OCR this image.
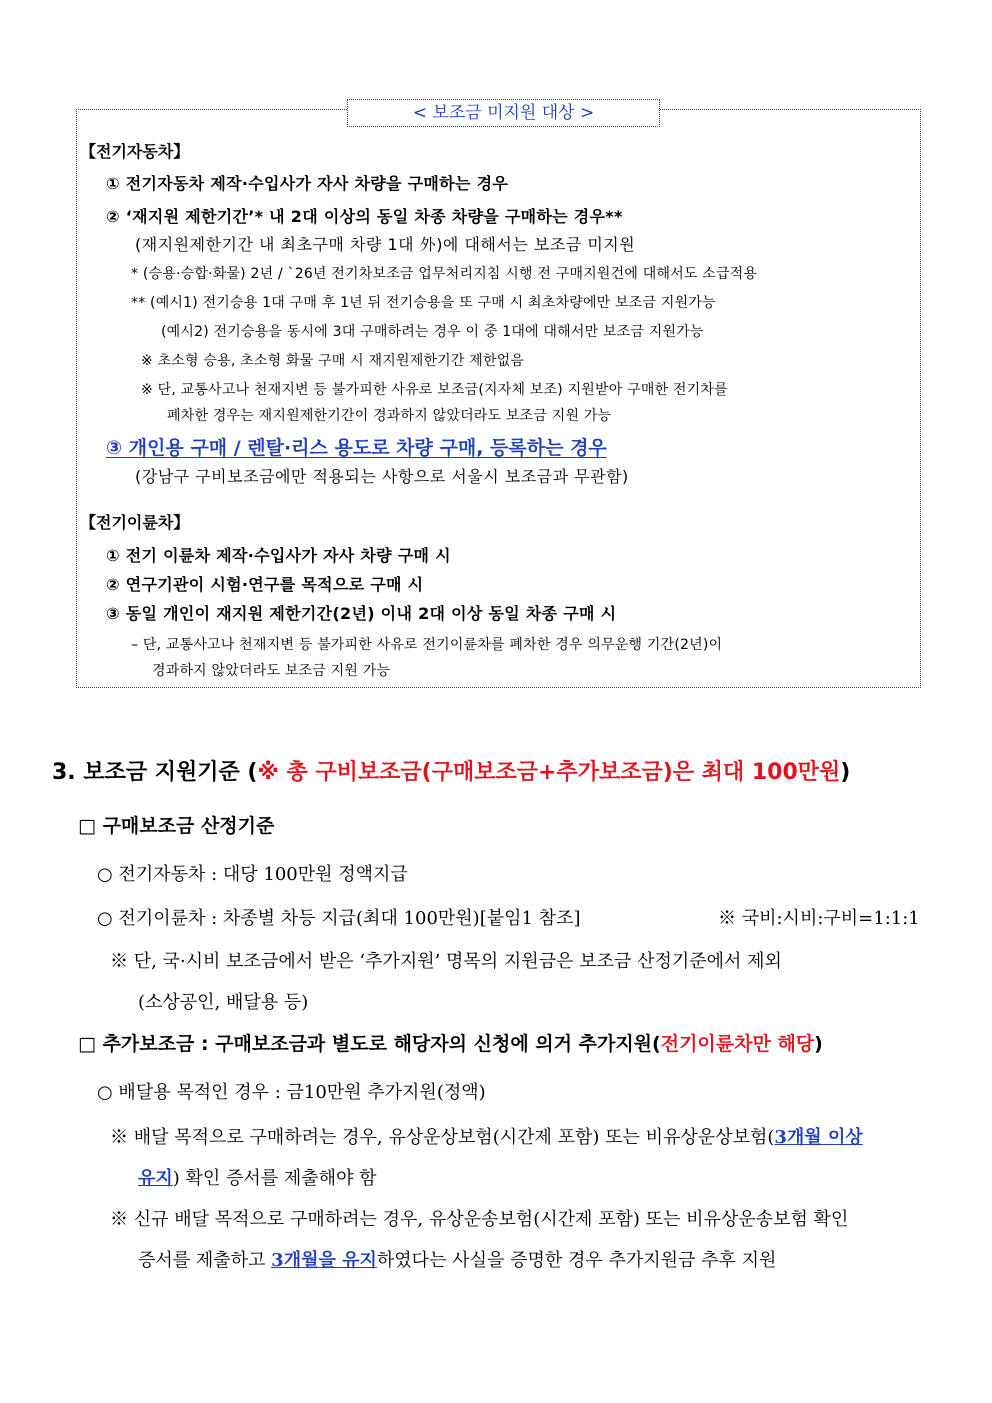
< 보조금 미지원 대상 >
【전기자동차】
① 전기자동차 제작·수입사가 자사 차량을 구매하는 경우
② ‘재지원 제한기간’* 내 2대 이상의 동일 차종 차량을 구매하는 경우**
(재지원제한기간 내 최초구매 차량 1대 外)에 대해서는 보조금 미지원
* (승용·승합·화물) 2년 / `26년 전기차보조금 업무처리지침 시행 전 구매지원건에 대해서도 소급적용
** (예시1) 전기승용 1대 구매 후 1년 뒤 전기승용을 또 구매 시 최초차량에만 보조금 지원가능
(예시2) 전기승용을 동시에 3대 구매하려는 경우 이 중 1대에 대해서만 보조금 지원가능
※ 초소형 승용, 초소형 화물 구매 시 재지원제한기간 제한없음
※ 단, 교통사고나 천재지변 등 불가피한 사유로 보조금(지자체 보조) 지원받아 구매한 전기차를
폐차한 경우는 재지원제한기간이 경과하지 않았더라도 보조금 지원 가능
③ 개인용 구매 / 렌탈·리스 용도로 차량 구매, 등록하는 경우
(강남구 구비보조금에만 적용되는 사항으로 서울시 보조금과 무관함)
【전기이륜차】
① 전기 이륜차 제작·수입사가 자사 차량 구매 시
② 연구기관이 시험·연구를 목적으로 구매 시
③ 동일 개인이 재지원 제한기간(2년) 이내 2대 이상 동일 차종 구매 시
– 단, 교통사고나 천재지변 등 불가피한 사유로 전기이륜차를 폐차한 경우 의무운행 기간(2년)이
경과하지 않았더라도 보조금 지원 가능
3. 보조금 지원기준 (※ 총 구비보조금(구매보조금+추가보조금)은 최대 100만원)
□ 구매보조금 산정기준
○ 전기자동차 : 대당 100만원 정액지급
○ 전기이륜차 : 차종별 차등 지급(최대 100만원)[붙임1 참조]	※ 국비:시비:구비=1:1:1
※ 단, 국·시비 보조금에서 받은 ‘추가지원’ 명목의 지원금은 보조금 산정기준에서 제외
(소상공인, 배달용 등)
□ 추가보조금 : 구매보조금과 별도로 해당자의 신청에 의거 추가지원(전기이륜차만 해당)
○ 배달용 목적인 경우 : 금10만원 추가지원(정액)
※ 배달 목적으로 구매하려는 경우, 유상운상보험(시간제 포함) 또는 비유상운상보험(3개월 이상
유지) 확인 증서를 제출해야 함
※ 신규 배달 목적으로 구매하려는 경우, 유상운송보험(시간제 포함) 또는 비유상운송보험 확인
증서를 제출하고 3개월을 유지하였다는 사실을 증명한 경우 추가지원금 추후 지원
